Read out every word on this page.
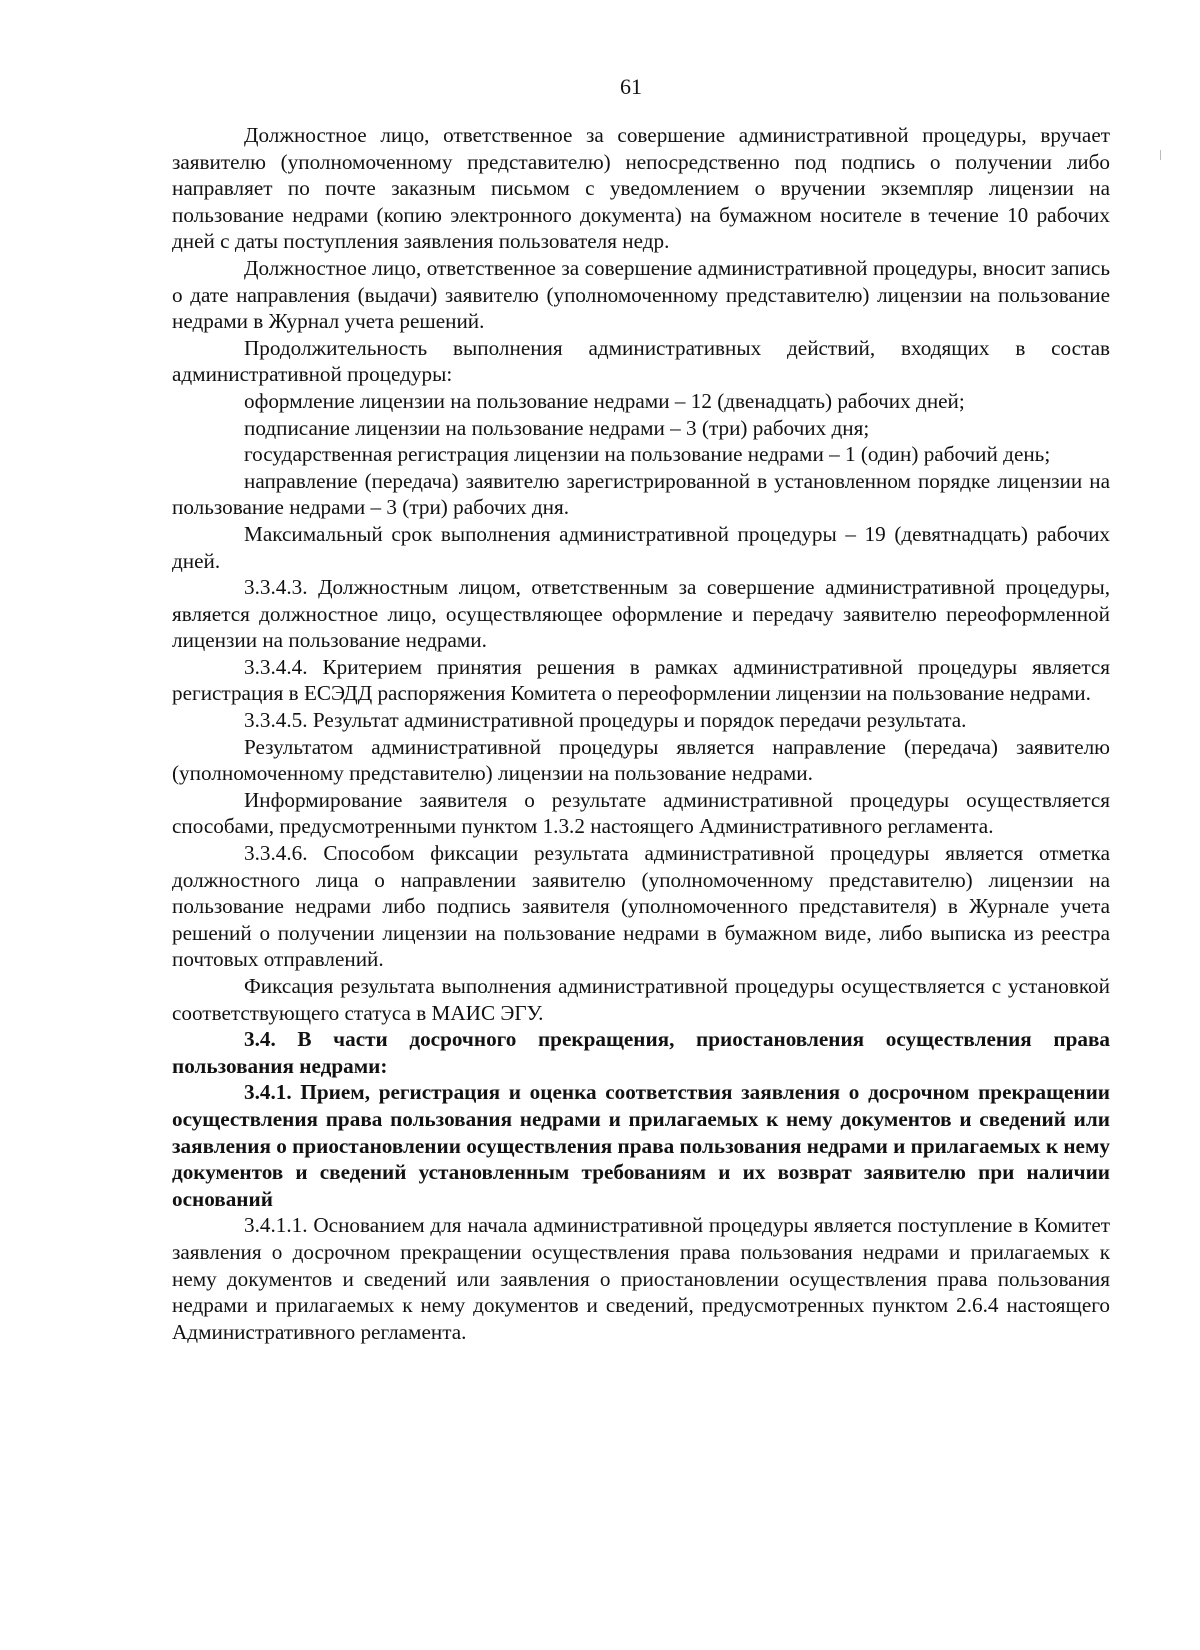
61

Должностное лицо, ответственное за совершение административной процедуры, вручает заявителю (уполномоченному представителю) непосредственно под подпись о получении либо направляет по почте заказным письмом с уведомлением о вручении экземпляр лицензии на пользование недрами (копию электронного документа) на бумажном носителе в течение 10 рабочих дней с даты поступления заявления пользователя недр.

Должностное лицо, ответственное за совершение административной процедуры, вносит запись о дате направления (выдачи) заявителю (уполномоченному представителю) лицензии на пользование недрами в Журнал учета решений.

Продолжительность выполнения административных действий, входящих в состав административной процедуры:

оформление лицензии на пользование недрами – 12 (двенадцать) рабочих дней;

подписание лицензии на пользование недрами – 3 (три) рабочих дня;

государственная регистрация лицензии на пользование недрами – 1 (один) рабочий день;

направление (передача) заявителю зарегистрированной в установленном порядке лицензии на пользование недрами – 3 (три) рабочих дня.

Максимальный срок выполнения административной процедуры – 19 (девятнадцать) рабочих дней.

3.3.4.3. Должностным лицом, ответственным за совершение административной процедуры, является должностное лицо, осуществляющее оформление и передачу заявителю переоформленной лицензии на пользование недрами.

3.3.4.4. Критерием принятия решения в рамках административной процедуры является регистрация в ЕСЭДД распоряжения Комитета о переоформлении лицензии на пользование недрами.

3.3.4.5. Результат административной процедуры и порядок передачи результата.

Результатом административной процедуры является направление (передача) заявителю (уполномоченному представителю) лицензии на пользование недрами.

Информирование заявителя о результате административной процедуры осуществляется способами, предусмотренными пунктом 1.3.2 настоящего Административного регламента.

3.3.4.6. Способом фиксации результата административной процедуры является отметка должностного лица о направлении заявителю (уполномоченному представителю) лицензии на пользование недрами либо подпись заявителя (уполномоченного представителя) в Журнале учета решений о получении лицензии на пользование недрами в бумажном виде, либо выписка из реестра почтовых отправлений.

Фиксация результата выполнения административной процедуры осуществляется с установкой соответствующего статуса в МАИС ЭГУ.

3.4. В части досрочного прекращения, приостановления осуществления права пользования недрами:

3.4.1. Прием, регистрация и оценка соответствия заявления о досрочном прекращении осуществления права пользования недрами и прилагаемых к нему документов и сведений или заявления о приостановлении осуществления права пользования недрами и прилагаемых к нему документов и сведений установленным требованиям и их возврат заявителю при наличии оснований

3.4.1.1. Основанием для начала административной процедуры является поступление в Комитет заявления о досрочном прекращении осуществления права пользования недрами и прилагаемых к нему документов и сведений или заявления о приостановлении осуществления права пользования недрами и прилагаемых к нему документов и сведений, предусмотренных пунктом 2.6.4 настоящего Административного регламента.
